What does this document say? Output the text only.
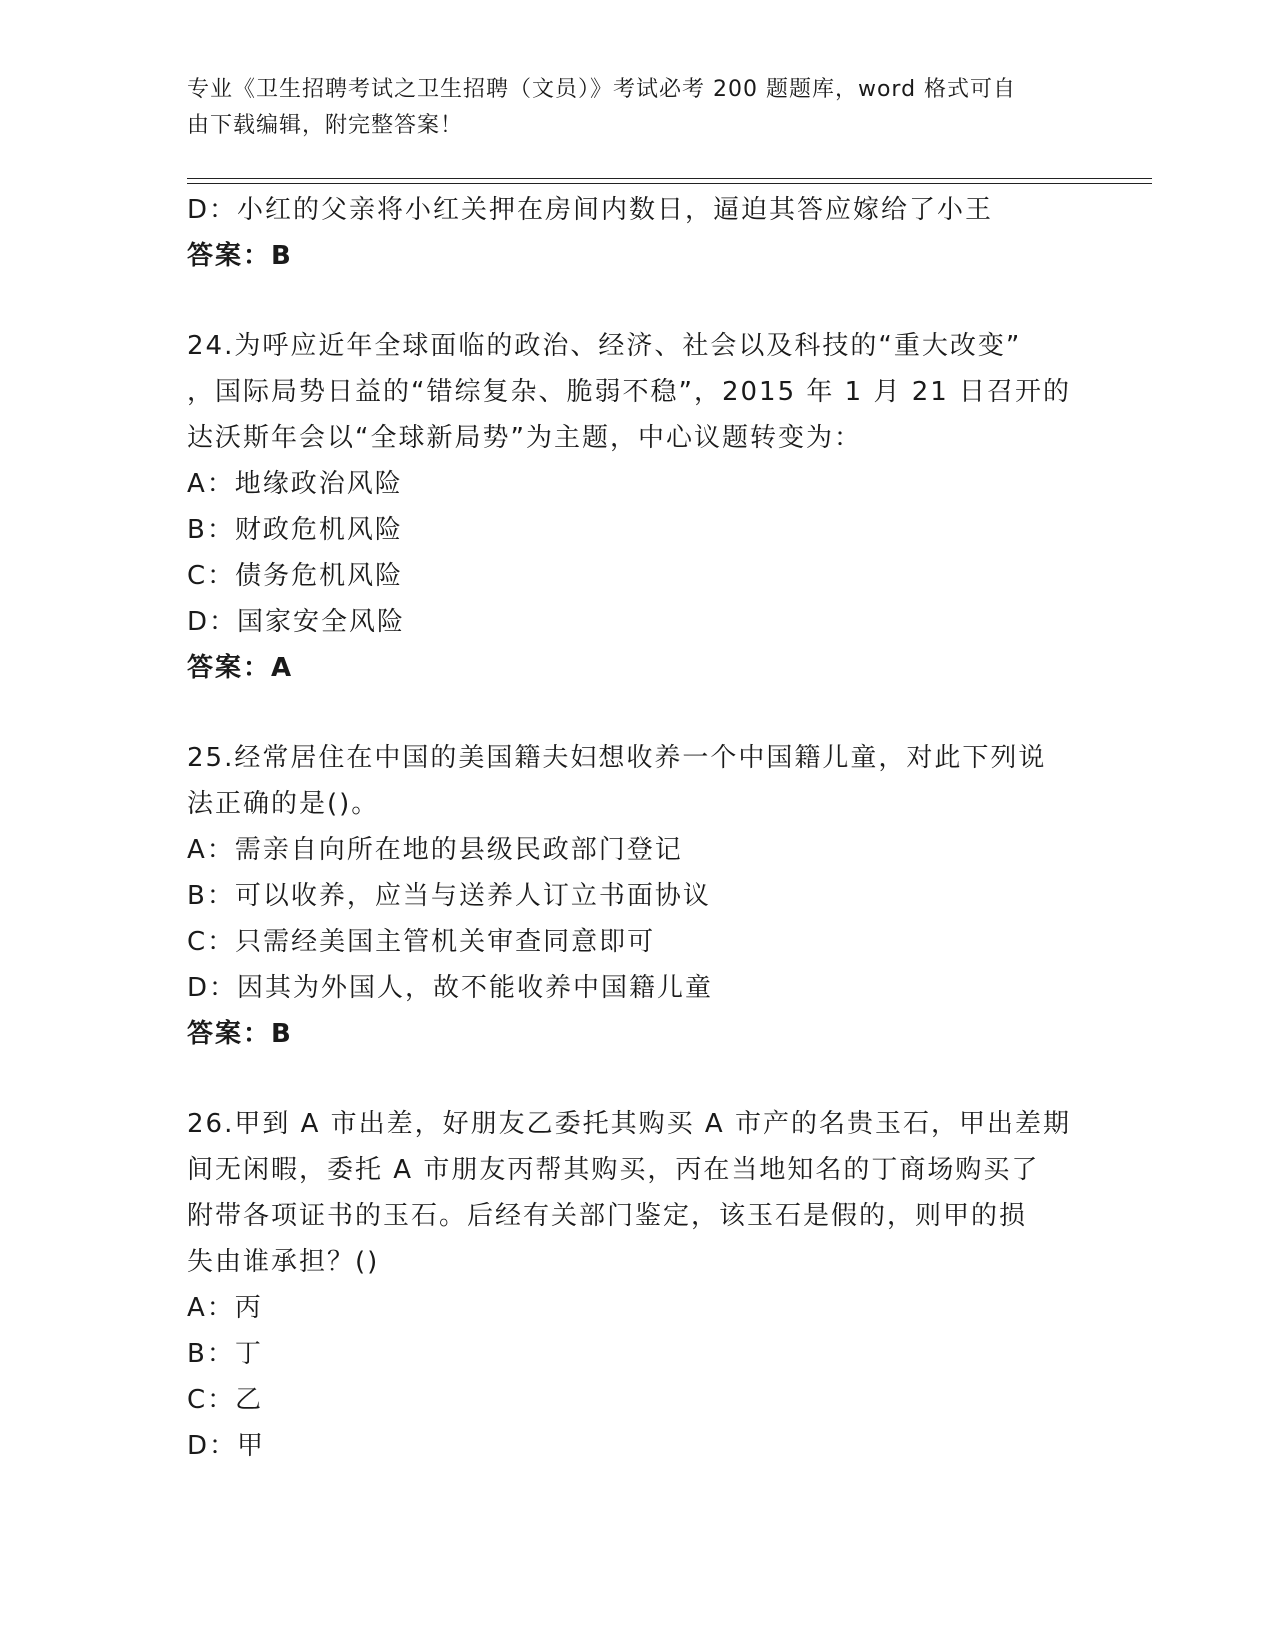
专业《卫生招聘考试之卫生招聘（文员）》考试必考 200 题题库，word 格式可自
由下载编辑，附完整答案！
D：小红的父亲将小红关押在房间内数日，逼迫其答应嫁给了小王
答案：B
24.为呼应近年全球面临的政治、经济、社会以及科技的“重大改变”
，国际局势日益的“错综复杂、脆弱不稳”，2015 年 1 月 21 日召开的
达沃斯年会以“全球新局势”为主题，中心议题转变为：
A：地缘政治风险
B：财政危机风险
C：债务危机风险
D：国家安全风险
答案：A
25.经常居住在中国的美国籍夫妇想收养一个中国籍儿童，对此下列说
法正确的是()。
A：需亲自向所在地的县级民政部门登记
B：可以收养，应当与送养人订立书面协议
C：只需经美国主管机关审查同意即可
D：因其为外国人，故不能收养中国籍儿童
答案：B
26.甲到 A 市出差，好朋友乙委托其购买 A 市产的名贵玉石，甲出差期
间无闲暇，委托 A 市朋友丙帮其购买，丙在当地知名的丁商场购买了
附带各项证书的玉石。后经有关部门鉴定，该玉石是假的，则甲的损
失由谁承担？()
A：丙
B：丁
C：乙
D：甲
